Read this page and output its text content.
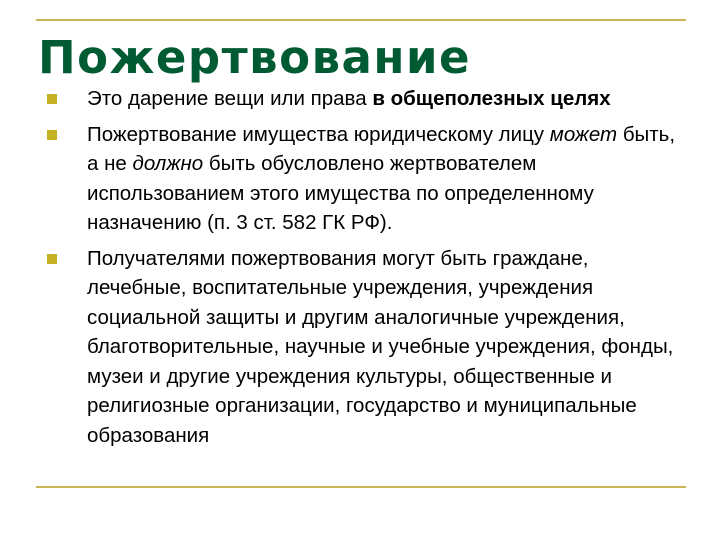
Пожертвование
Это дарение вещи или права в общеполезных целях
Пожертвование имущества юридическому лицу может быть, а не должно быть обусловлено жертвователем использованием этого имущества по определенному назначению (п. 3 ст. 582 ГК РФ).
Получателями пожертвования могут быть граждане, лечебные, воспитательные учреждения, учреждения социальной защиты и другим аналогичные учреждения, благотворительные, научные и учебные учреждения, фонды, музеи и другие учреждения культуры, общественные и религиозные организации, государство и муниципальные образования
